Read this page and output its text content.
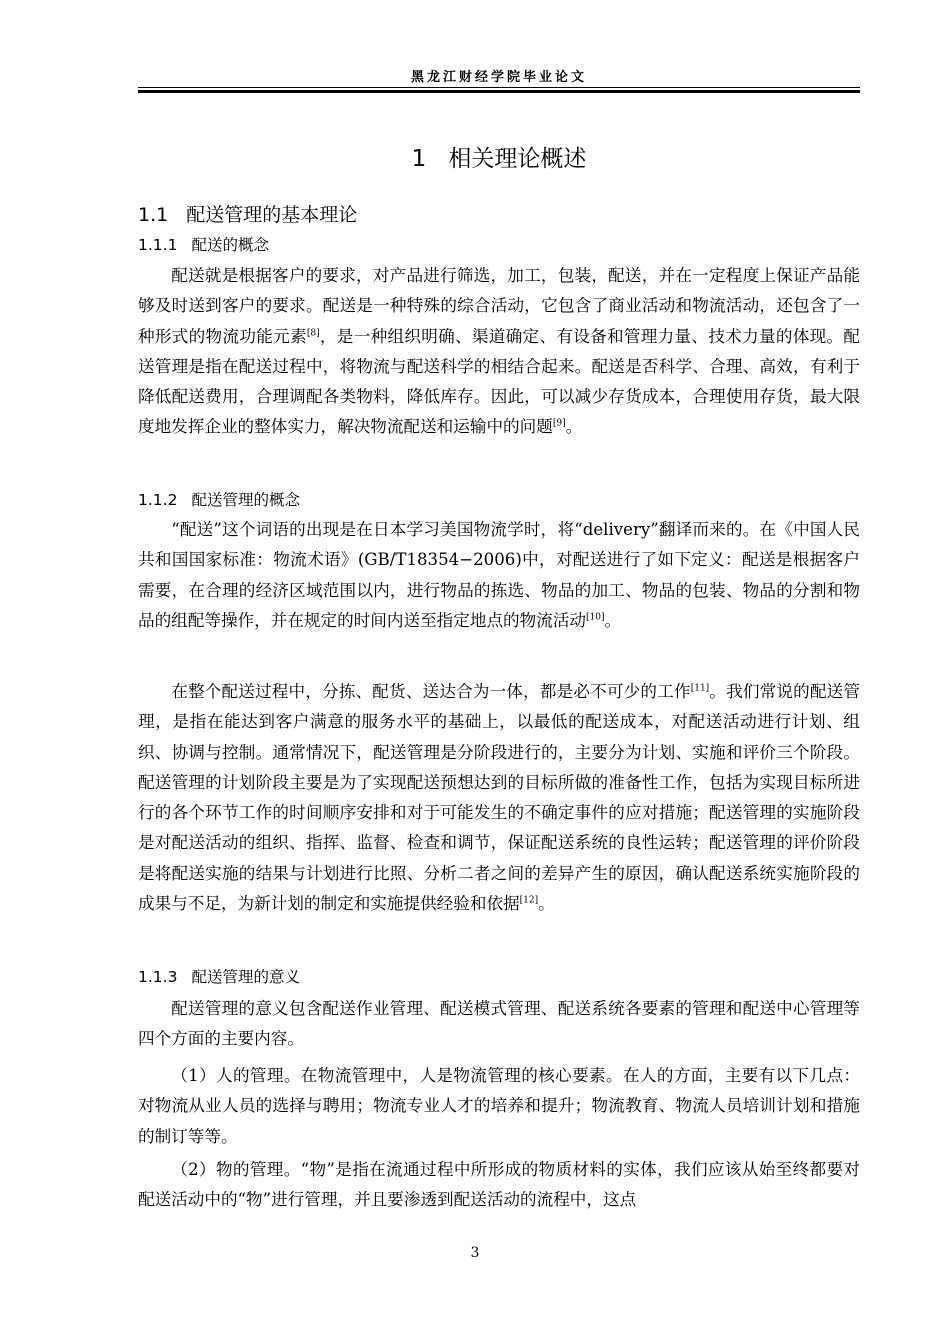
黑龙江财经学院毕业论文
1 相关理论概述
1.1 配送管理的基本理论
1.1.1 配送的概念

配送就是根据客户的要求，对产品进行筛选，加工，包装，配送，并在一定程度上保证产品能够及时送到客户的要求。配送是一种特殊的综合活动，它包含了商业活动和物流活动，还包含了一种形式的物流功能元素[8]，是一种组织明确、渠道确定、有设备和管理力量、技术力量的体现。配送管理是指在配送过程中，将物流与配送科学的相结合起来。配送是否科学、合理、高效，有利于降低配送费用，合理调配各类物料，降低库存。因此，可以减少存货成本，合理使用存货，最大限度地发挥企业的整体实力，解决物流配送和运输中的问题[9]。

1.1.2 配送管理的概念

“配送”这个词语的出现是在日本学习美国物流学时，将“delivery”翻译而来的。在《中国人民共和国国家标准：物流术语》(GB/T18354−2006)中，对配送进行了如下定义：配送是根据客户需要，在合理的经济区域范围以内，进行物品的拣选、物品的加工、物品的包装、物品的分割和物品的组配等操作，并在规定的时间内送至指定地点的物流活动[10]。

在整个配送过程中，分拣、配货、送达合为一体，都是必不可少的工作[11]。我们常说的配送管理，是指在能达到客户满意的服务水平的基础上，以最低的配送成本，对配送活动进行计划、组织、协调与控制。通常情况下，配送管理是分阶段进行的，主要分为计划、实施和评价三个阶段。配送管理的计划阶段主要是为了实现配送预想达到的目标所做的准备性工作，包括为实现目标所进行的各个环节工作的时间顺序安排和对于可能发生的不确定事件的应对措施；配送管理的实施阶段是对配送活动的组织、指挥、监督、检查和调节，保证配送系统的良性运转；配送管理的评价阶段是将配送实施的结果与计划进行比照、分析二者之间的差异产生的原因，确认配送系统实施阶段的成果与不足，为新计划的制定和实施提供经验和依据[12]。

1.1.3 配送管理的意义

配送管理的意义包含配送作业管理、配送模式管理、配送系统各要素的管理和配送中心管理等四个方面的主要内容。

（1）人的管理。在物流管理中，人是物流管理的核心要素。在人的方面，主要有以下几点：对物流从业人员的选择与聘用；物流专业人才的培养和提升；物流教育、物流人员培训计划和措施的制订等等。

（2）物的管理。“物”是指在流通过程中所形成的物质材料的实体，我们应该从始至终都要对配送活动中的“物”进行管理，并且要渗透到配送活动的流程中，这点

3
